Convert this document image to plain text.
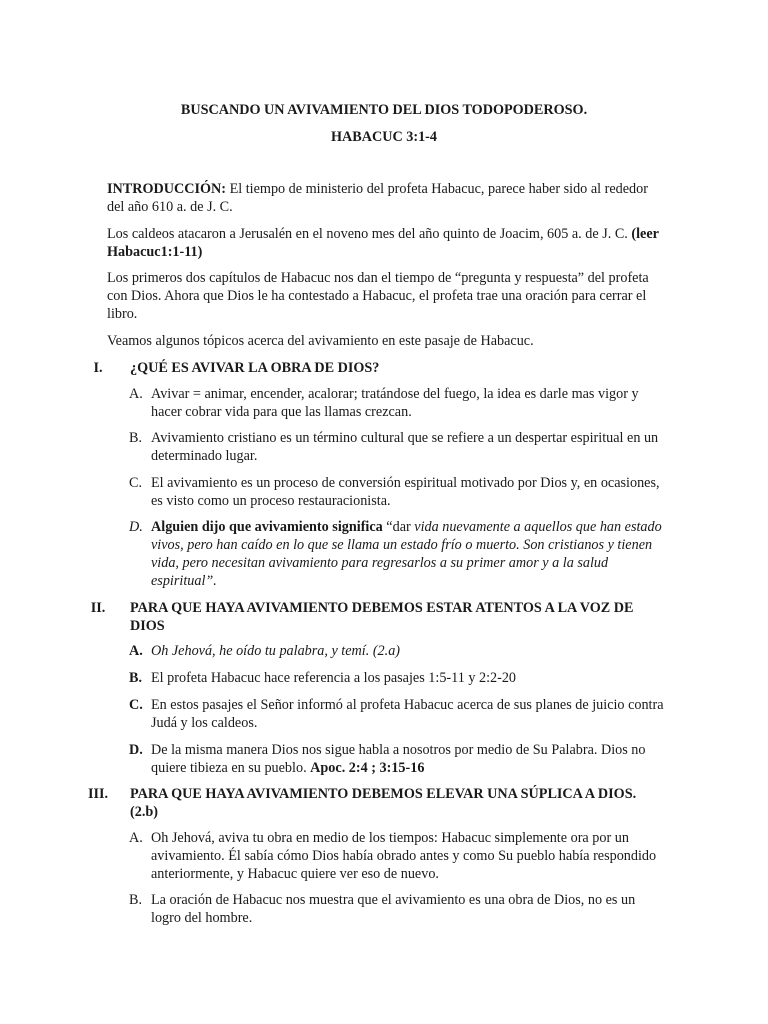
BUSCANDO UN AVIVAMIENTO DEL DIOS TODOPODEROSO.
HABACUC 3:1-4
INTRODUCCIÓN: El tiempo de ministerio del profeta Habacuc, parece haber sido al rededor del año 610 a. de J. C.
Los caldeos atacaron a Jerusalén en el noveno mes del año quinto de Joacim, 605 a. de J. C. (leer Habacuc1:1-11)
Los primeros dos capítulos de Habacuc nos dan el tiempo de “pregunta y respuesta” del profeta con Dios. Ahora que Dios le ha contestado a Habacuc, el profeta trae una oración para cerrar el libro.
Veamos algunos tópicos acerca del avivamiento en este pasaje de Habacuc.
I.	¿QUÉ ES AVIVAR LA OBRA DE DIOS?
A. Avivar = animar, encender, acalorar; tratándose del fuego, la idea es darle mas vigor y hacer cobrar vida para que las llamas crezcan.
B. Avivamiento cristiano es un término cultural que se refiere a un despertar espiritual en un determinado lugar.
C. El avivamiento es un proceso de conversión espiritual motivado por Dios y, en ocasiones, es visto como un proceso restauracionista.
D. Alguien dijo que avivamiento significa “dar vida nuevamente a aquellos que han estado vivos, pero han caído en lo que se llama un estado frío o muerto. Son cristianos y tienen vida, pero necesitan avivamiento para regresarlos a su primer amor y a la salud espiritual”.
II.	PARA QUE HAYA AVIVAMIENTO DEBEMOS ESTAR ATENTOS A LA VOZ DE DIOS
A. Oh Jehová, he oído tu palabra, y temí. (2.a)
B. El profeta Habacuc hace referencia a los pasajes 1:5-11 y 2:2-20
C. En estos pasajes el Señor informó al profeta Habacuc acerca de sus planes de juicio contra Judá y los caldeos.
D. De la misma manera Dios nos sigue habla a nosotros por medio de Su Palabra. Dios no quiere tibieza en su pueblo. Apoc. 2:4 ; 3:15-16
III.	PARA QUE HAYA AVIVAMIENTO DEBEMOS ELEVAR UNA SÚPLICA A DIOS. (2.b)
A. Oh Jehová, aviva tu obra en medio de los tiempos: Habacuc simplemente ora por un avivamiento. Él sabía cómo Dios había obrado antes y como Su pueblo había respondido anteriormente, y Habacuc quiere ver eso de nuevo.
B. La oración de Habacuc nos muestra que el avivamiento es una obra de Dios, no es un logro del hombre.
